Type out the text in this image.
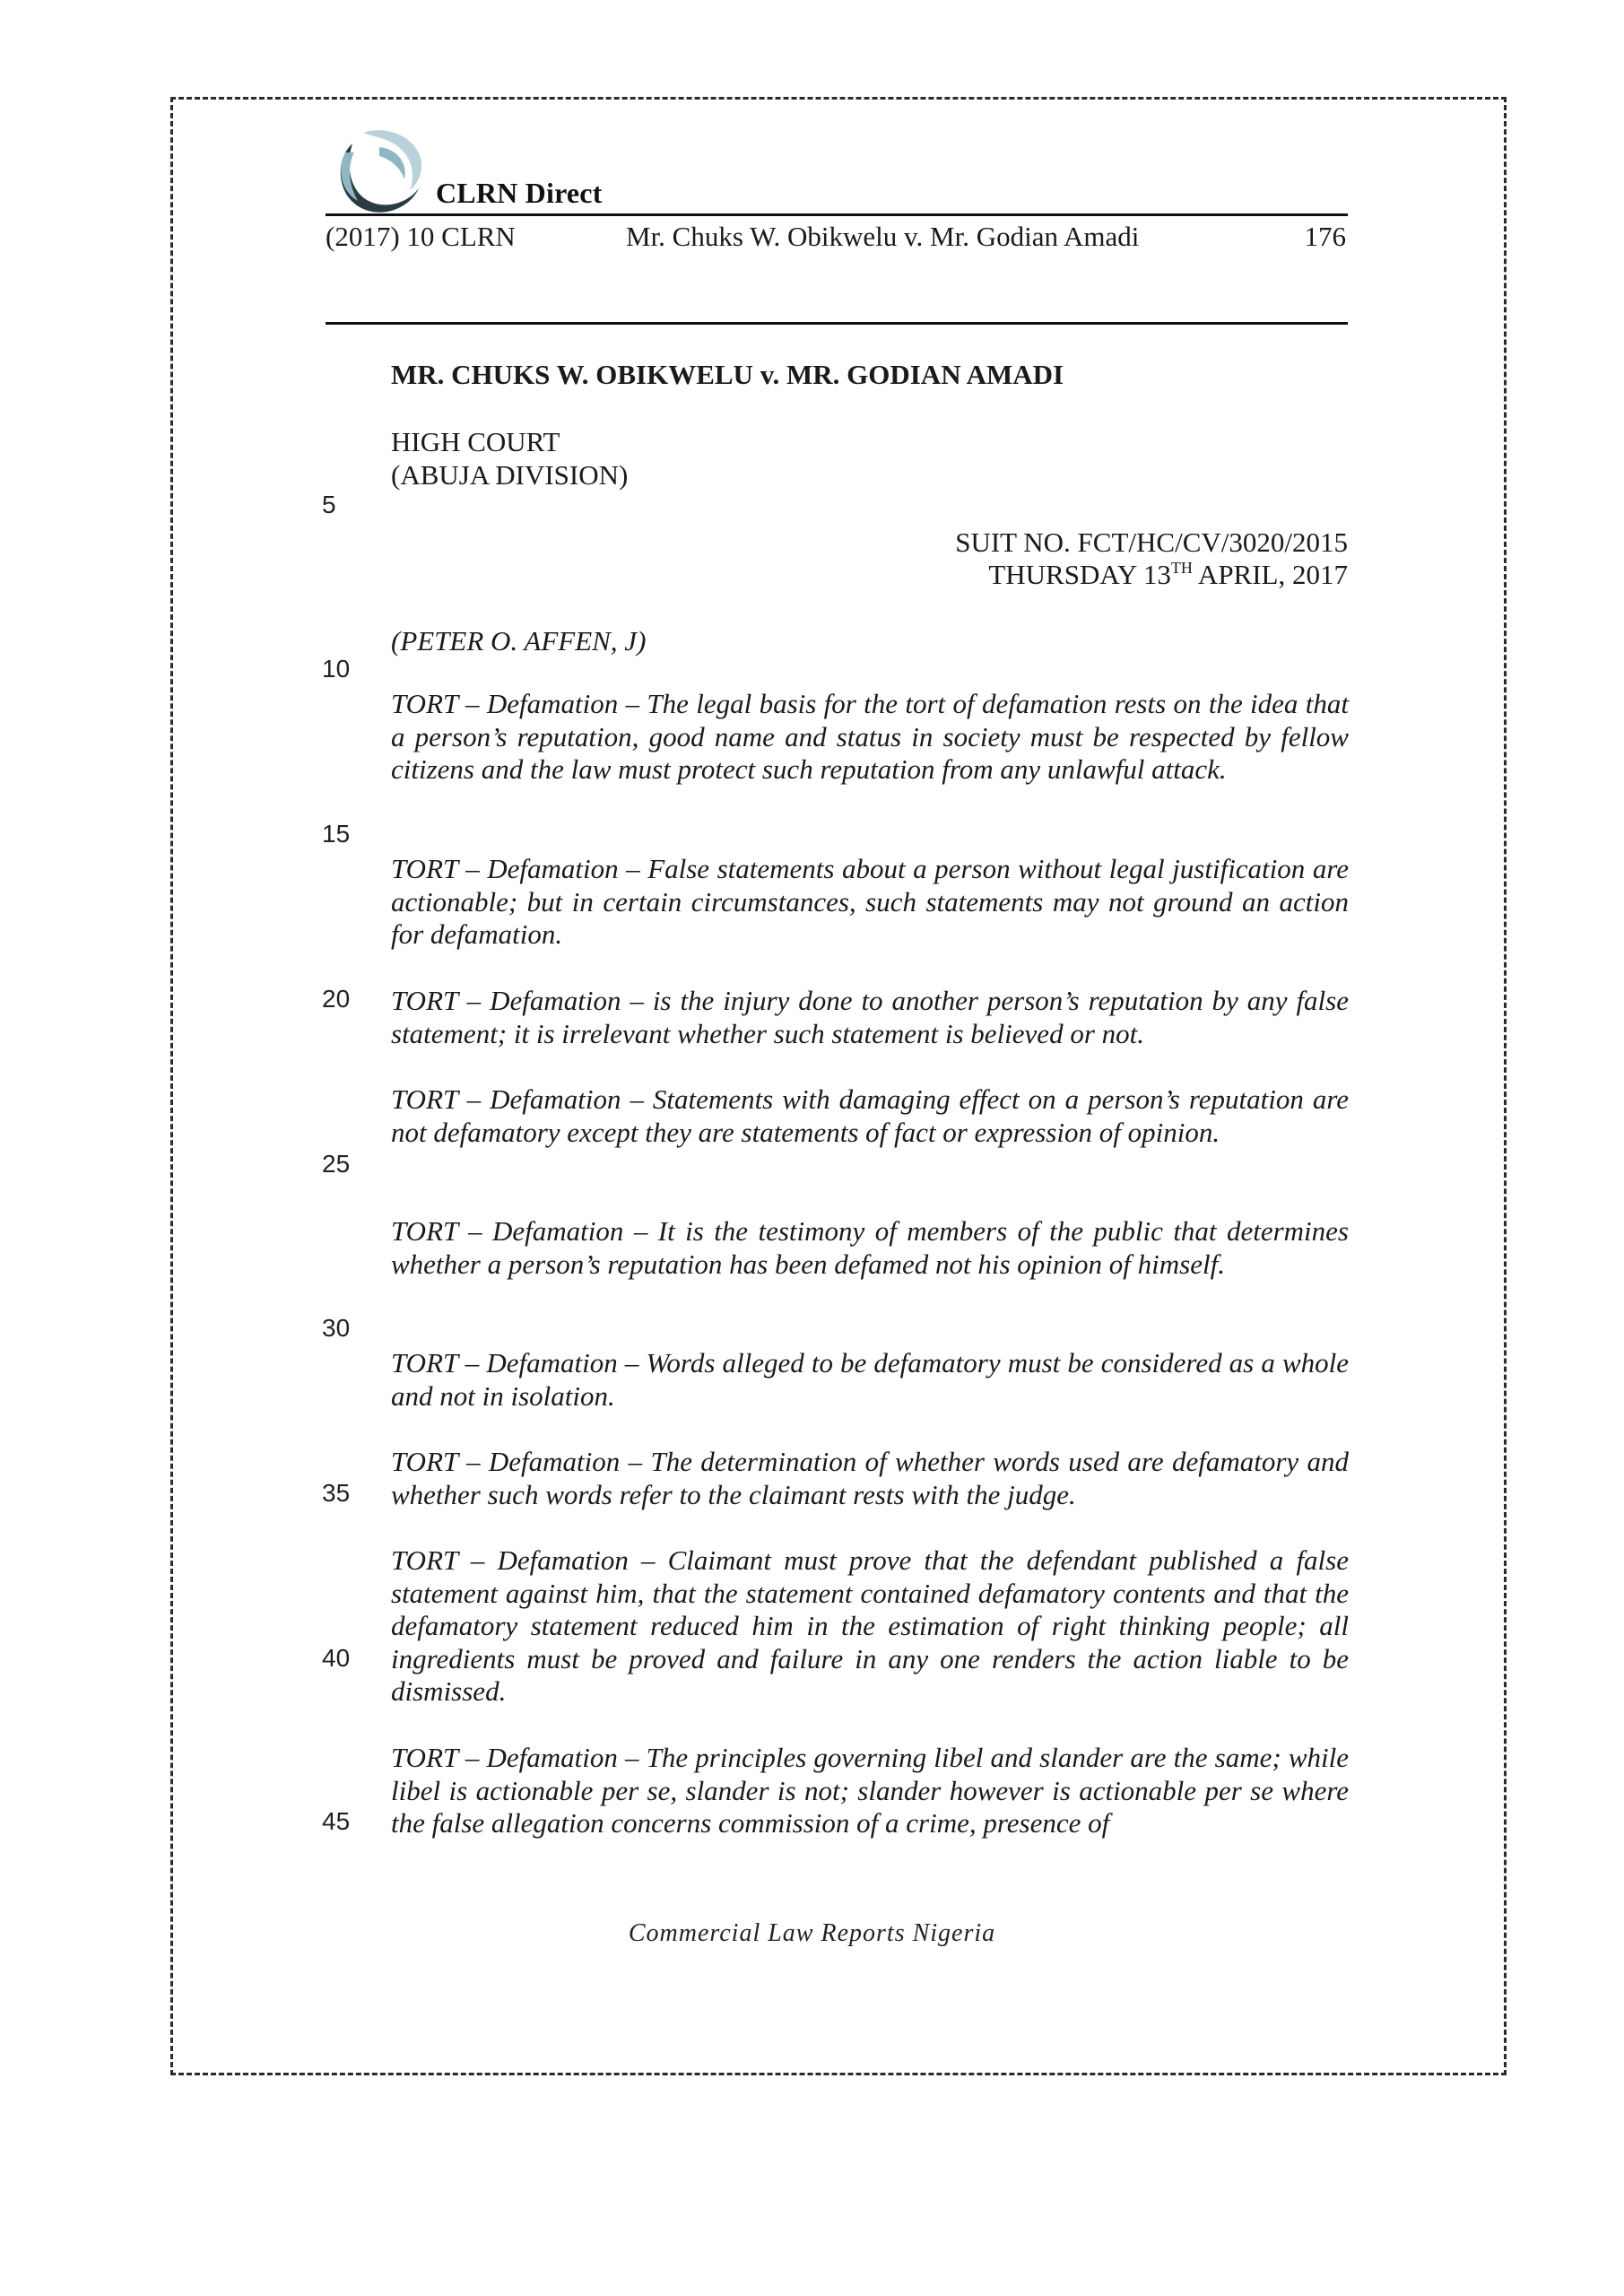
CLRN Direct
(2017) 10 CLRN	Mr. Chuks W. Obikwelu v. Mr. Godian Amadi	176
5
10
15
20
25
30
35
40
45
MR. CHUKS W. OBIKWELU v. MR. GODIAN AMADI
HIGH COURT
(ABUJA DIVISION)
SUIT NO. FCT/HC/CV/3020/2015
THURSDAY 13TH APRIL, 2017
(PETER O. AFFEN, J)

TORT – Defamation – The legal basis for the tort of defamation rests on the idea that a person’s reputation, good name and status in society must be respected by fellow citizens and the law must protect such reputation from any unlawful attack.

TORT – Defamation – False statements about a person without legal justification are actionable; but in certain circumstances, such statements may not ground an action for defamation.

TORT – Defamation – is the injury done to another person’s reputation by any false statement; it is irrelevant whether such statement is believed or not.

TORT – Defamation – Statements with damaging effect on a person’s reputation are not defamatory except they are statements of fact or expression of opinion.

TORT – Defamation – It is the testimony of members of the public that determines whether a person’s reputation has been defamed not his opinion of himself.

TORT – Defamation – Words alleged to be defamatory must be considered as a whole and not in isolation.

TORT – Defamation – The determination of whether words used are defamatory and whether such words refer to the claimant rests with the judge.

TORT – Defamation – Claimant must prove that the defendant published a false statement against him, that the statement contained defamatory contents and that the defamatory statement reduced him in the estimation of right thinking people; all ingredients must be proved and failure in any one renders the action liable to be dismissed.

TORT – Defamation – The principles governing libel and slander are the same; while libel is actionable per se, slander is not; slander however is actionable per se where the false allegation concerns commission of a crime, presence of

Commercial Law Reports Nigeria
